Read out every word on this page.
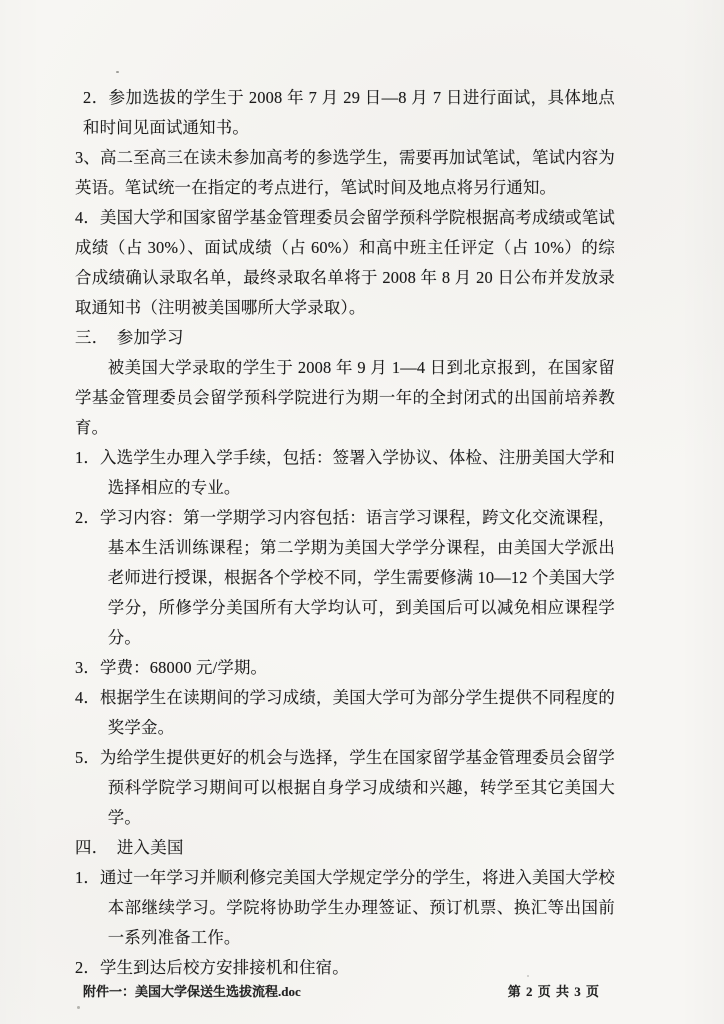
2．参加选拔的学生于 2008 年 7 月 29 日—8 月 7 日进行面试，具体地点和时间见面试通知书。

3、高二至高三在读未参加高考的参选学生，需要再加试笔试，笔试内容为英语。笔试统一在指定的考点进行，笔试时间及地点将另行通知。

4．美国大学和国家留学基金管理委员会留学预科学院根据高考成绩或笔试成绩（占 30%）、面试成绩（占 60%）和高中班主任评定（占 10%）的综合成绩确认录取名单，最终录取名单将于 2008 年 8 月 20 日公布并发放录取通知书（注明被美国哪所大学录取）。

三．　参加学习

被美国大学录取的学生于 2008 年 9 月 1—4 日到北京报到，在国家留学基金管理委员会留学预科学院进行为期一年的全封闭式的出国前培养教育。

1．入选学生办理入学手续，包括：签署入学协议、体检、注册美国大学和选择相应的专业。

2．学习内容：第一学期学习内容包括：语言学习课程，跨文化交流课程，基本生活训练课程；第二学期为美国大学学分课程，由美国大学派出老师进行授课，根据各个学校不同，学生需要修满 10—12 个美国大学学分，所修学分美国所有大学均认可，到美国后可以减免相应课程学分。

3．学费：68000 元/学期。

4．根据学生在读期间的学习成绩，美国大学可为部分学生提供不同程度的奖学金。

5．为给学生提供更好的机会与选择，学生在国家留学基金管理委员会留学预科学院学习期间可以根据自身学习成绩和兴趣，转学至其它美国大学。

四．　进入美国

1．通过一年学习并顺利修完美国大学规定学分的学生，将进入美国大学校本部继续学习。学院将协助学生办理签证、预订机票、换汇等出国前一系列准备工作。

2．学生到达后校方安排接机和住宿。

附件一：美国大学保送生选拔流程.doc	第 2 页 共 3 页
